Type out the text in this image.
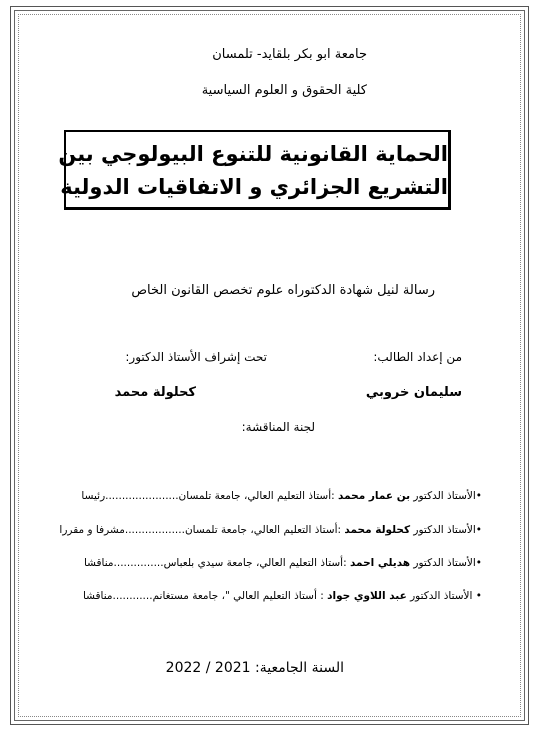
جامعة ابو بكر بلقايد- تلمسان
كلية الحقوق و العلوم السياسية
الحماية القانونية للتنوع البيولوجي بين
التشريع الجزائري و الاتفاقيات الدولية
رسالة لنيل شهادة الدكتوراه علوم تخصص القانون الخاص
من إعداد الطالب:
تحت إشراف الأستاذ الدكتور:
سليمان خروبي
كحلولة محمد
لجنة المناقشة:
•الأستاذ الدكتور بن عمار محمد :أستاذ التعليم العالي، جامعة تلمسان......................رئيسا
•الأستاذ الدكتور كحلولة محمد :أستاذ التعليم العالي، جامعة تلمسان..................مشرفا و مقررا
•الأستاذ الدكتور هديلي احمد :أستاذ التعليم العالي، جامعة سيدي بلعباس...............مناقشا
• الأستاذ الدكتور عبد اللاوي جواد : أستاذ التعليم العالي "، جامعة مستغانم............مناقشا
السنة الجامعية: 2021 / 2022
